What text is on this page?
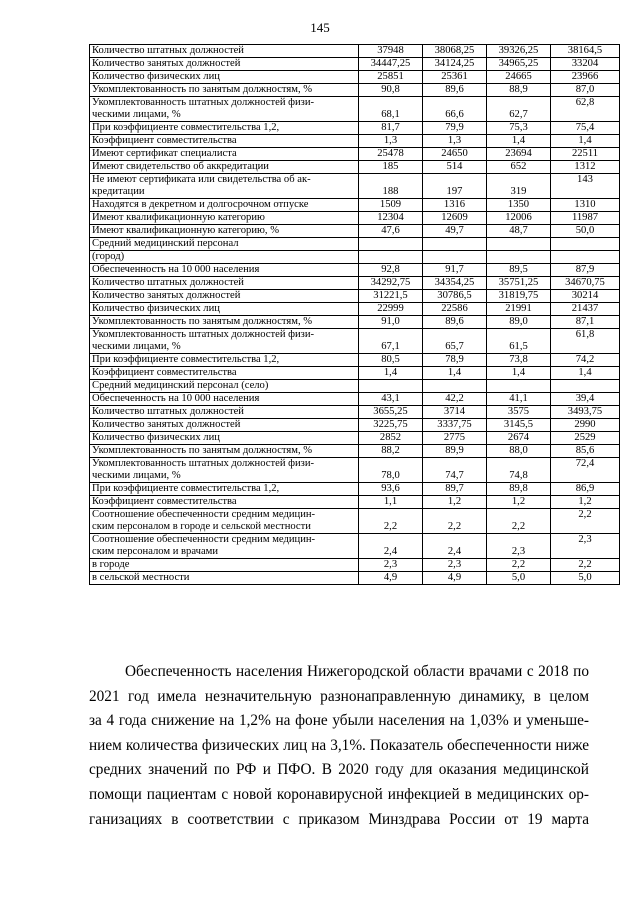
145
Количество штатных должностей	37948	38068,25	39326,25	38164,5
Количество занятых должностей	34447,25	34124,25	34965,25	33204
Количество физических лиц	25851	25361	24665	23966
Укомплектованность по занятым должностям, %	90,8	89,6	88,9	87,0
Укомплектованность штатных должностей физи-
ческими лицами, %	68,1	66,6	62,7	62,8
При коэффициенте совместительства 1,2,	81,7	79,9	75,3	75,4
Коэффициент совместительства	1,3	1,3	1,4	1,4
Имеют сертификат специалиста	25478	24650	23694	22511
Имеют свидетельство об аккредитации	185	514	652	1312
Не имеют сертификата или свидетельства об ак-
кредитации	188	197	319	143
Находятся в декретном и долгосрочном отпуске	1509	1316	1350	1310
Имеют квалификационную категорию	12304	12609	12006	11987
Имеют квалификационную категорию, %	47,6	49,7	48,7	50,0
Средний медицинский персонал				
(город)				
Обеспеченность на 10 000 населения	92,8	91,7	89,5	87,9
Количество штатных должностей	34292,75	34354,25	35751,25	34670,75
Количество занятых должностей	31221,5	30786,5	31819,75	30214
Количество физических лиц	22999	22586	21991	21437
Укомплектованность по занятым должностям, %	91,0	89,6	89,0	87,1
Укомплектованность штатных должностей физи-
ческими лицами, %	67,1	65,7	61,5	61,8
При коэффициенте совместительства 1,2,	80,5	78,9	73,8	74,2
Коэффициент совместительства	1,4	1,4	1,4	1,4
Средний медицинский персонал (село)				
Обеспеченность на 10 000 населения	43,1	42,2	41,1	39,4
Количество штатных должностей	3655,25	3714	3575	3493,75
Количество занятых должностей	3225,75	3337,75	3145,5	2990
Количество физических лиц	2852	2775	2674	2529
Укомплектованность по занятым должностям, %	88,2	89,9	88,0	85,6
Укомплектованность штатных должностей физи-
ческими лицами, %	78,0	74,7	74,8	72,4
При коэффициенте совместительства 1,2,	93,6	89,7	89,8	86,9
Коэффициент совместительства	1,1	1,2	1,2	1,2
Соотношение обеспеченности средним медицин-
ским персоналом в городе и сельской местности	2,2	2,2	2,2	2,2
Соотношение обеспеченности средним медицин-
ским персоналом и врачами	2,4	2,4	2,3	2,3
в городе	2,3	2,3	2,2	2,2
в сельской местности	4,9	4,9	5,0	5,0
Обеспеченность населения Нижегородской области врачами с 2018 по
2021 год имела незначительную разнонаправленную динамику, в целом
за 4 года снижение на 1,2% на фоне убыли населения на 1,03% и уменьше-
нием количества физических лиц на 3,1%. Показатель обеспеченности ниже
средних значений по РФ и ПФО. В 2020 году для оказания медицинской
помощи пациентам с новой коронавирусной инфекцией в медицинских ор-
ганизациях в соответствии с приказом Минздрава России от 19 марта
